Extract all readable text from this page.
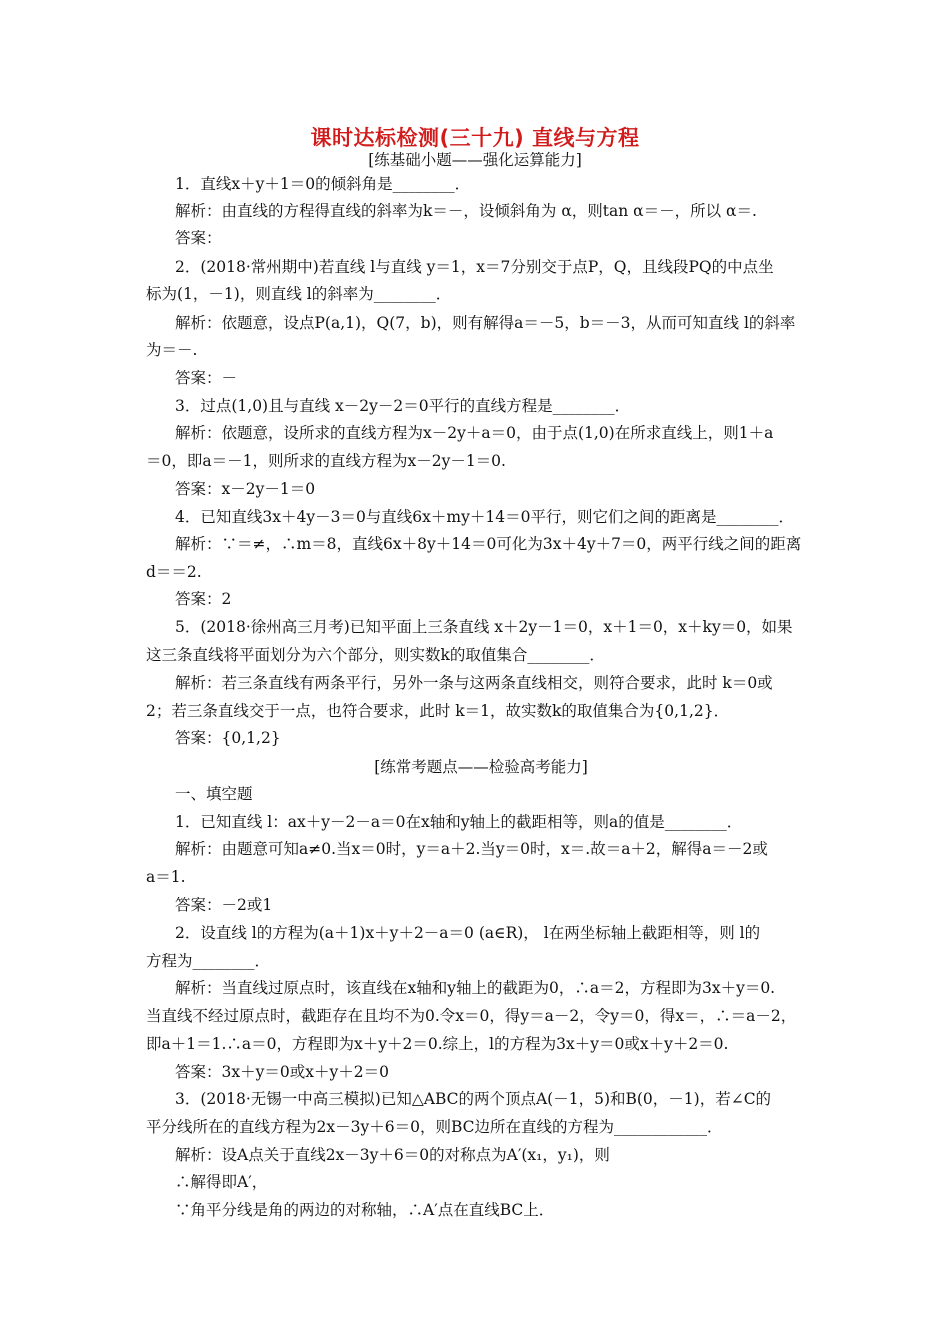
课时达标检测(三十九) 直线与方程
[练基础小题——强化运算能力]
1．直线x＋y＋1＝0的倾斜角是________．
解析：由直线的方程得直线的斜率为k＝－，设倾斜角为 α，则tan α＝－，所以 α＝.
答案：
2．(2018·常州期中)若直线 l与直线 y＝1，x＝7分别交于点P，Q，且线段PQ的中点坐
标为(1，－1)，则直线 l的斜率为________．
解析：依题意，设点P(a,1)，Q(7，b)，则有解得a＝－5，b＝－3，从而可知直线 l的斜率
为＝－.
答案：－
3．过点(1,0)且与直线 x－2y－2＝0平行的直线方程是________．
解析：依题意，设所求的直线方程为x－2y＋a＝0，由于点(1,0)在所求直线上，则1＋a
＝0，即a＝－1，则所求的直线方程为x－2y－1＝0.
答案：x－2y－1＝0
4．已知直线3x＋4y－3＝0与直线6x＋my＋14＝0平行，则它们之间的距离是________．
解析：∵＝≠，∴m＝8，直线6x＋8y＋14＝0可化为3x＋4y＋7＝0，两平行线之间的距离
d＝＝2.
答案：2
5．(2018·徐州高三月考)已知平面上三条直线 x＋2y－1＝0，x＋1＝0，x＋ky＝0，如果
这三条直线将平面划分为六个部分，则实数k的取值集合________．
解析：若三条直线有两条平行，另外一条与这两条直线相交，则符合要求，此时 k＝0或
2；若三条直线交于一点，也符合要求，此时 k＝1，故实数k的取值集合为{0,1,2}．
答案：{0,1,2}
[练常考题点——检验高考能力]
一、填空题
1．已知直线 l：ax＋y－2－a＝0在x轴和y轴上的截距相等，则a的值是________．
解析：由题意可知a≠0.当x＝0时，y＝a＋2.当y＝0时，x＝.故＝a＋2，解得a＝－2或
a＝1.
答案：－2或1
2．设直线 l的方程为(a＋1)x＋y＋2－a＝0 (a∈R)， l在两坐标轴上截距相等，则 l的
方程为________．
解析：当直线过原点时，该直线在x轴和y轴上的截距为0，∴a＝2，方程即为3x＋y＝0.
当直线不经过原点时，截距存在且均不为0.令x＝0，得y＝a－2，令y＝0，得x＝，∴＝a－2，
即a＋1＝1.∴a＝0，方程即为x＋y＋2＝0.综上，l的方程为3x＋y＝0或x＋y＋2＝0.
答案：3x＋y＝0或x＋y＋2＝0
3．(2018·无锡一中高三模拟)已知△ABC的两个顶点A(－1，5)和B(0，－1)，若∠C的
平分线所在的直线方程为2x－3y＋6＝0，则BC边所在直线的方程为____________．
解析：设A点关于直线2x－3y＋6＝0的对称点为A′(x₁，y₁)，则
∴解得即A′，
∵角平分线是角的两边的对称轴，∴A′点在直线BC上．
